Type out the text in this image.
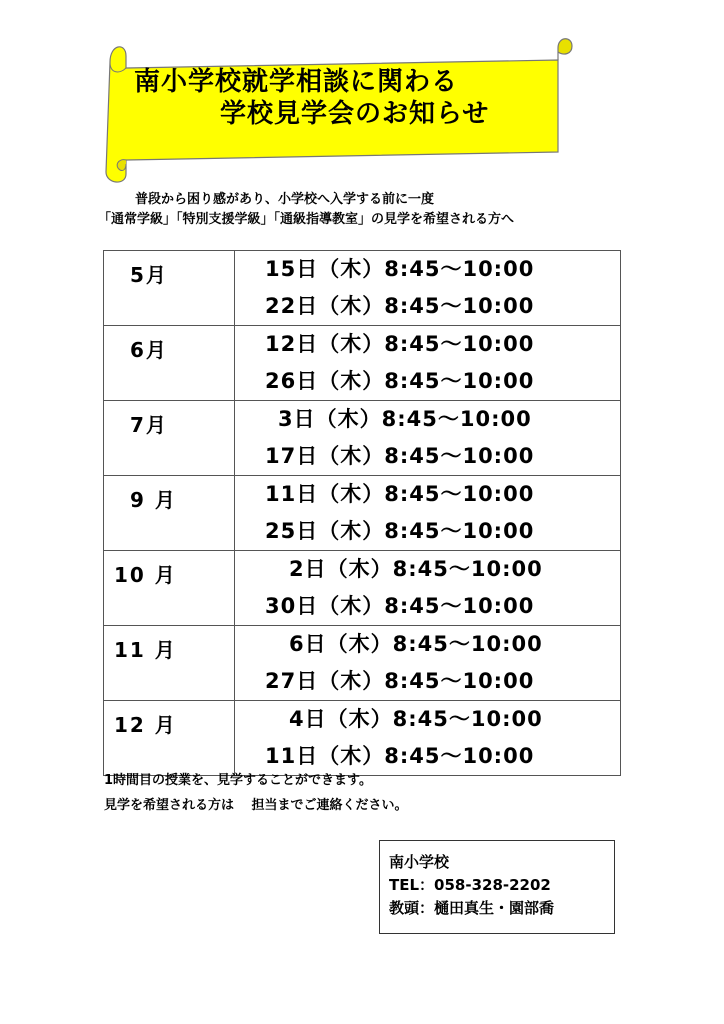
南小学校就学相談に関わる
学校見学会のお知らせ
普段から困り感があり、小学校へ入学する前に一度
「通常学級」「特別支援学級」「通級指導教室」の見学を希望される方へ
5月	15日（木）8:45～10:00
22日（木）8:45～10:00

6月	12日（木）8:45～10:00
26日（木）8:45～10:00

7月	3日（木）8:45～10:00
17日（木）8:45～10:00

9 月	11日（木）8:45～10:00
25日（木）8:45～10:00

10 月	2日（木）8:45～10:00
30日（木）8:45～10:00

11 月	6日（木）8:45～10:00
27日（木）8:45～10:00

12 月	4日（木）8:45～10:00
11日（木）8:45～10:00
1時間目の授業を、見学することができます。
見学を希望される方は　 担当までご連絡ください。
南小学校
TEL：058-328-2202
教頭：樋田真生・園部喬
